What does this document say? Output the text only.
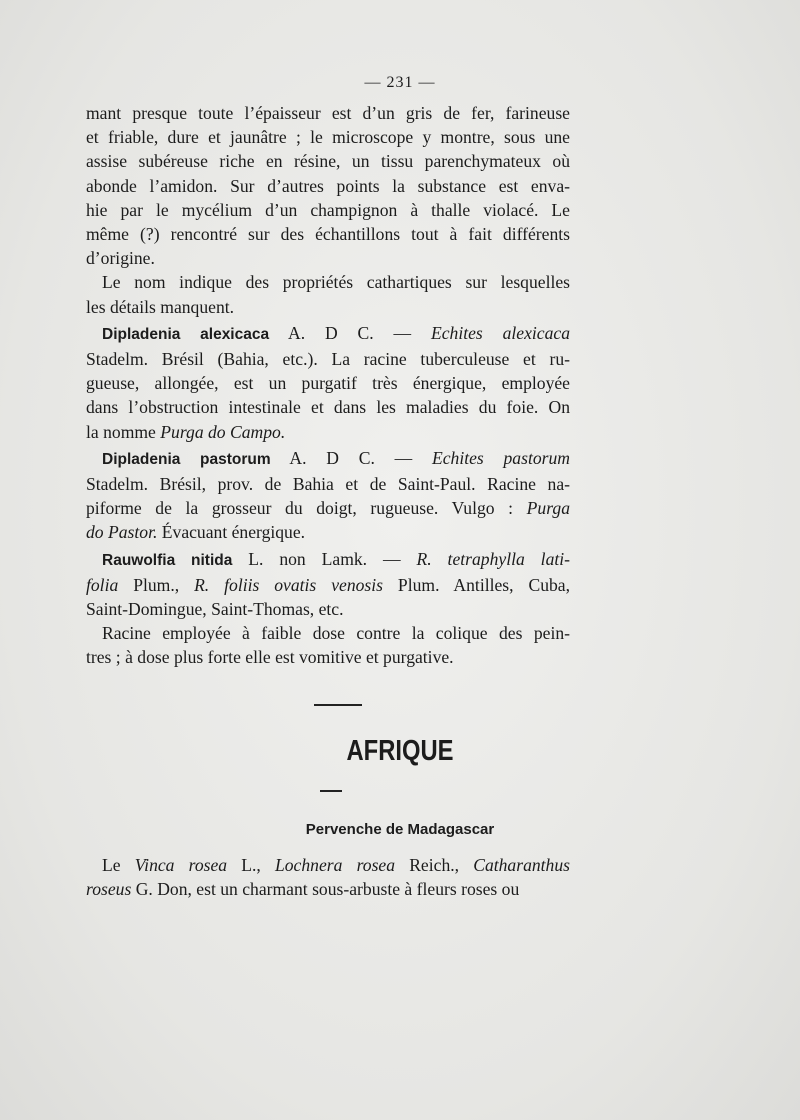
— 231 —

mant presque toute l’épaisseur est d’un gris de fer, farineuse

et friable, dure et jaunâtre ; le microscope y montre, sous une

assise subéreuse riche en résine, un tissu parenchymateux où

abonde l’amidon. Sur d’autres points la substance est enva-

hie par le mycélium d’un champignon à thalle violacé. Le

même (?) rencontré sur des échantillons tout à fait différents

d’origine.

Le nom indique des propriétés cathartiques sur lesquelles

les détails manquent.

Dipladenia alexicaca A. D C. — Echites alexicaca

Stadelm. Brésil (Bahia, etc.). La racine tuberculeuse et ru-

gueuse, allongée, est un purgatif très énergique, employée

dans l’obstruction intestinale et dans les maladies du foie. On

la nomme Purga do Campo.

Dipladenia pastorum A. D C. — Echites pastorum

Stadelm. Brésil, prov. de Bahia et de Saint-Paul. Racine na-

piforme de la grosseur du doigt, rugueuse. Vulgo : Purga

do Pastor. Évacuant énergique.

Rauwolfia nitida L. non Lamk. — R. tetraphylla lati-

folia Plum., R. foliis ovatis venosis Plum. Antilles, Cuba,

Saint-Domingue, Saint-Thomas, etc.

Racine employée à faible dose contre la colique des pein-

tres ; à dose plus forte elle est vomitive et purgative.

AFRIQUE
Pervenche de Madagascar

Le Vinca rosea L., Lochnera rosea Reich., Catharanthus

roseus G. Don, est un charmant sous-arbuste à fleurs roses ou
